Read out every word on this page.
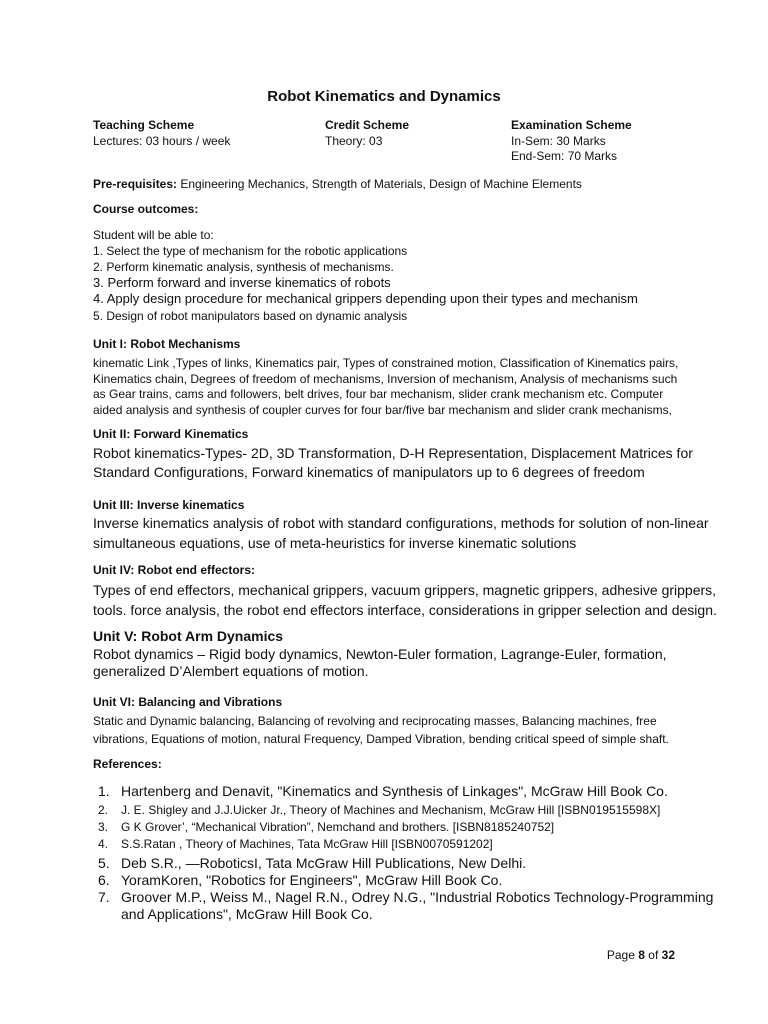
Robot Kinematics and Dynamics
Teaching Scheme
Lectures: 03 hours / week
Credit Scheme
Theory: 03
Examination Scheme
In-Sem: 30 Marks
End-Sem: 70 Marks
Pre-requisites: Engineering Mechanics, Strength of Materials, Design of Machine Elements
Course outcomes:
Student will be able to:
1. Select the type of mechanism for the robotic applications
2. Perform kinematic analysis, synthesis of mechanisms.
3. Perform forward and inverse kinematics of robots
4. Apply design procedure for mechanical grippers depending upon their types and mechanism
5. Design of robot manipulators based on dynamic analysis
Unit I: Robot Mechanisms
kinematic Link ,Types of links, Kinematics pair, Types of constrained motion, Classification of Kinematics pairs,
Kinematics chain, Degrees of freedom of mechanisms, Inversion of mechanism, Analysis of mechanisms such
as Gear trains, cams and followers, belt drives, four bar mechanism, slider crank mechanism etc. Computer
aided analysis and synthesis of coupler curves for four bar/five bar mechanism and slider crank mechanisms,
Unit II: Forward Kinematics
Robot kinematics-Types- 2D, 3D Transformation, D-H Representation, Displacement Matrices for
Standard Configurations, Forward kinematics of manipulators up to 6 degrees of freedom
Unit III: Inverse kinematics
Inverse kinematics analysis of robot with standard configurations, methods for solution of non-linear
simultaneous equations, use of meta-heuristics for inverse kinematic solutions
Unit IV: Robot end effectors:
Types of end effectors, mechanical grippers, vacuum grippers, magnetic grippers, adhesive grippers,
tools. force analysis, the robot end effectors interface, considerations in gripper selection and design.
Unit V: Robot Arm Dynamics
Robot dynamics – Rigid body dynamics, Newton-Euler formation, Lagrange-Euler, formation,
generalized D’Alembert equations of motion.
Unit VI: Balancing and Vibrations
Static and Dynamic balancing, Balancing of revolving and reciprocating masses, Balancing machines, free
vibrations, Equations of motion, natural Frequency, Damped Vibration, bending critical speed of simple shaft.
References:
1. Hartenberg and Denavit, "Kinematics and Synthesis of Linkages", McGraw Hill Book Co.
2. J. E. Shigley and J.J.Uicker Jr., Theory of Machines and Mechanism, McGraw Hill [ISBN019515598X]
3. G K Grover’, “Mechanical Vibration”, Nemchand and brothers. [ISBN8185240752]
4. S.S.Ratan , Theory of Machines, Tata McGraw Hill [ISBN0070591202]
5. Deb S.R., —RoboticsI, Tata McGraw Hill Publications, New Delhi.
6. YoramKoren, "Robotics for Engineers", McGraw Hill Book Co.
7. Groover M.P., Weiss M., Nagel R.N., Odrey N.G., "Industrial Robotics Technology-Programming
and Applications", McGraw Hill Book Co.
Page 8 of 32
